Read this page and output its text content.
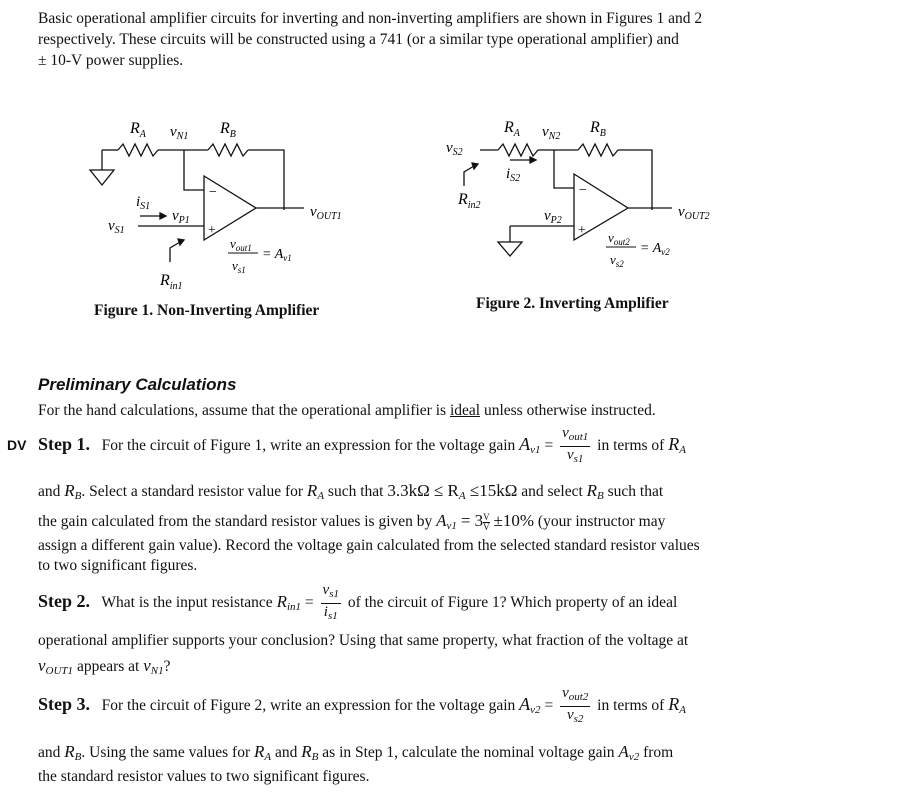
Basic operational amplifier circuits for inverting and non-inverting amplifiers are shown in Figures 1 and 2
respectively. These circuits will be constructed using a 741 (or a similar type operational amplifier) and
± 10-V power supplies.
$R_A$ $v_{N1}$ $R_B$
$i_{S1}$
$v_{P1}$
$v_{S1}$
−
+
$v_{OUT1}$
$R_{in1}$
$v_{out1}$
$v_{s1}$
= $A_{v1}$
Figure 1. Non-Inverting Amplifier
$v_{S2}$
$R_A$ $v_{N2}$
$R_B$
$i_{S2}$
$R_{in2}$
$v_{P2}$
−
+
$v_{OUT2}$
$v_{out2}$
$v_{s2}$
= $A_{v2}$
Figure 2. Inverting Amplifier
Preliminary Calculations
For the hand calculations, assume that the operational amplifier is ideal unless otherwise instructed.
DV Step 1. For the circuit of Figure 1, write an expression for the voltage gain $A_{v1} = \frac{v_{out1}}{v_{s1}}$ in terms of $R_A$
and $R_B$. Select a standard resistor value for $R_A$ such that $3.3k\Omega \le R_A \le 15k\Omega$ and select $R_B$ such that
the gain calculated from the standard resistor values is given by $A_{v1} = 3 \frac{V}{V} \pm 10\%$ (your instructor may
assign a different gain value). Record the voltage gain calculated from the selected standard resistor values
to two significant figures.
Step 2. What is the input resistance $R_{in1} = \frac{v_{s1}}{i_{s1}}$ of the circuit of Figure 1? Which property of an ideal
operational amplifier supports your conclusion? Using that same property, what fraction of the voltage at
$v_{OUT1}$ appears at $v_{N1}$?
Step 3. For the circuit of Figure 2, write an expression for the voltage gain $A_{v2} = \frac{v_{out2}}{v_{s2}}$ in terms of $R_A$
and $R_B$. Using the same values for $R_A$ and $R_B$ as in Step 1, calculate the nominal voltage gain $A_{v2}$ from
the standard resistor values to two significant figures.
